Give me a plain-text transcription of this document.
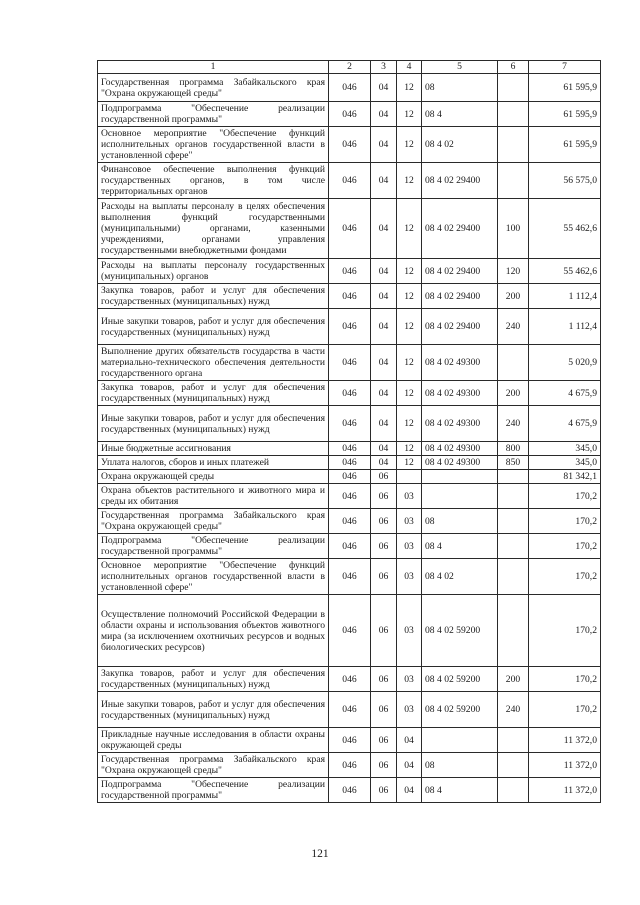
1	2	3	4	5	6	7
Государственная программа Забайкальского края "Охрана окружающей среды"	046	04	12	08		61 595,9
Подпрограмма "Обеспечение реализации государственной программы"	046	04	12	08 4		61 595,9
Основное мероприятие "Обеспечение функций исполнительных органов государственной власти в установленной сфере"	046	04	12	08 4 02		61 595,9
Финансовое обеспечение выполнения функций государственных органов, в том числе территориальных органов	046	04	12	08 4 02 29400		56 575,0
Расходы на выплаты персоналу в целях обеспечения выполнения функций государственными (муниципальными) органами, казенными учреждениями, органами управления государственными внебюджетными фондами	046	04	12	08 4 02 29400	100	55 462,6
Расходы на выплаты персоналу государственных (муниципальных) органов	046	04	12	08 4 02 29400	120	55 462,6
Закупка товаров, работ и услуг для обеспечения государственных (муниципальных) нужд	046	04	12	08 4 02 29400	200	1 112,4
Иные закупки товаров, работ и услуг для обеспечения государственных (муниципальных) нужд	046	04	12	08 4 02 29400	240	1 112,4
Выполнение других обязательств государства в части материально-технического обеспечения деятельности государственного органа	046	04	12	08 4 02 49300		5 020,9
Закупка товаров, работ и услуг для обеспечения государственных (муниципальных) нужд	046	04	12	08 4 02 49300	200	4 675,9
Иные закупки товаров, работ и услуг для обеспечения государственных (муниципальных) нужд	046	04	12	08 4 02 49300	240	4 675,9
Иные бюджетные ассигнования	046	04	12	08 4 02 49300	800	345,0
Уплата налогов, сборов и иных платежей	046	04	12	08 4 02 49300	850	345,0
Охрана окружающей среды	046	06				81 342,1
Охрана объектов растительного и животного мира и среды их обитания	046	06	03			170,2
Государственная программа Забайкальского края "Охрана окружающей среды"	046	06	03	08		170,2
Подпрограмма "Обеспечение реализации государственной программы"	046	06	03	08 4		170,2
Основное мероприятие "Обеспечение функций исполнительных органов государственной власти в установленной сфере"	046	06	03	08 4 02		170,2
Осуществление полномочий Российской Федерации в области охраны и использования объектов животного мира (за исключением охотничьих ресурсов и водных биологических ресурсов)	046	06	03	08 4 02 59200		170,2
Закупка товаров, работ и услуг для обеспечения государственных (муниципальных) нужд	046	06	03	08 4 02 59200	200	170,2
Иные закупки товаров, работ и услуг для обеспечения государственных (муниципальных) нужд	046	06	03	08 4 02 59200	240	170,2
Прикладные научные исследования в области охраны окружающей среды	046	06	04			11 372,0
Государственная программа Забайкальского края "Охрана окружающей среды"	046	06	04	08		11 372,0
Подпрограмма "Обеспечение реализации государственной программы"	046	06	04	08 4		11 372,0
121
